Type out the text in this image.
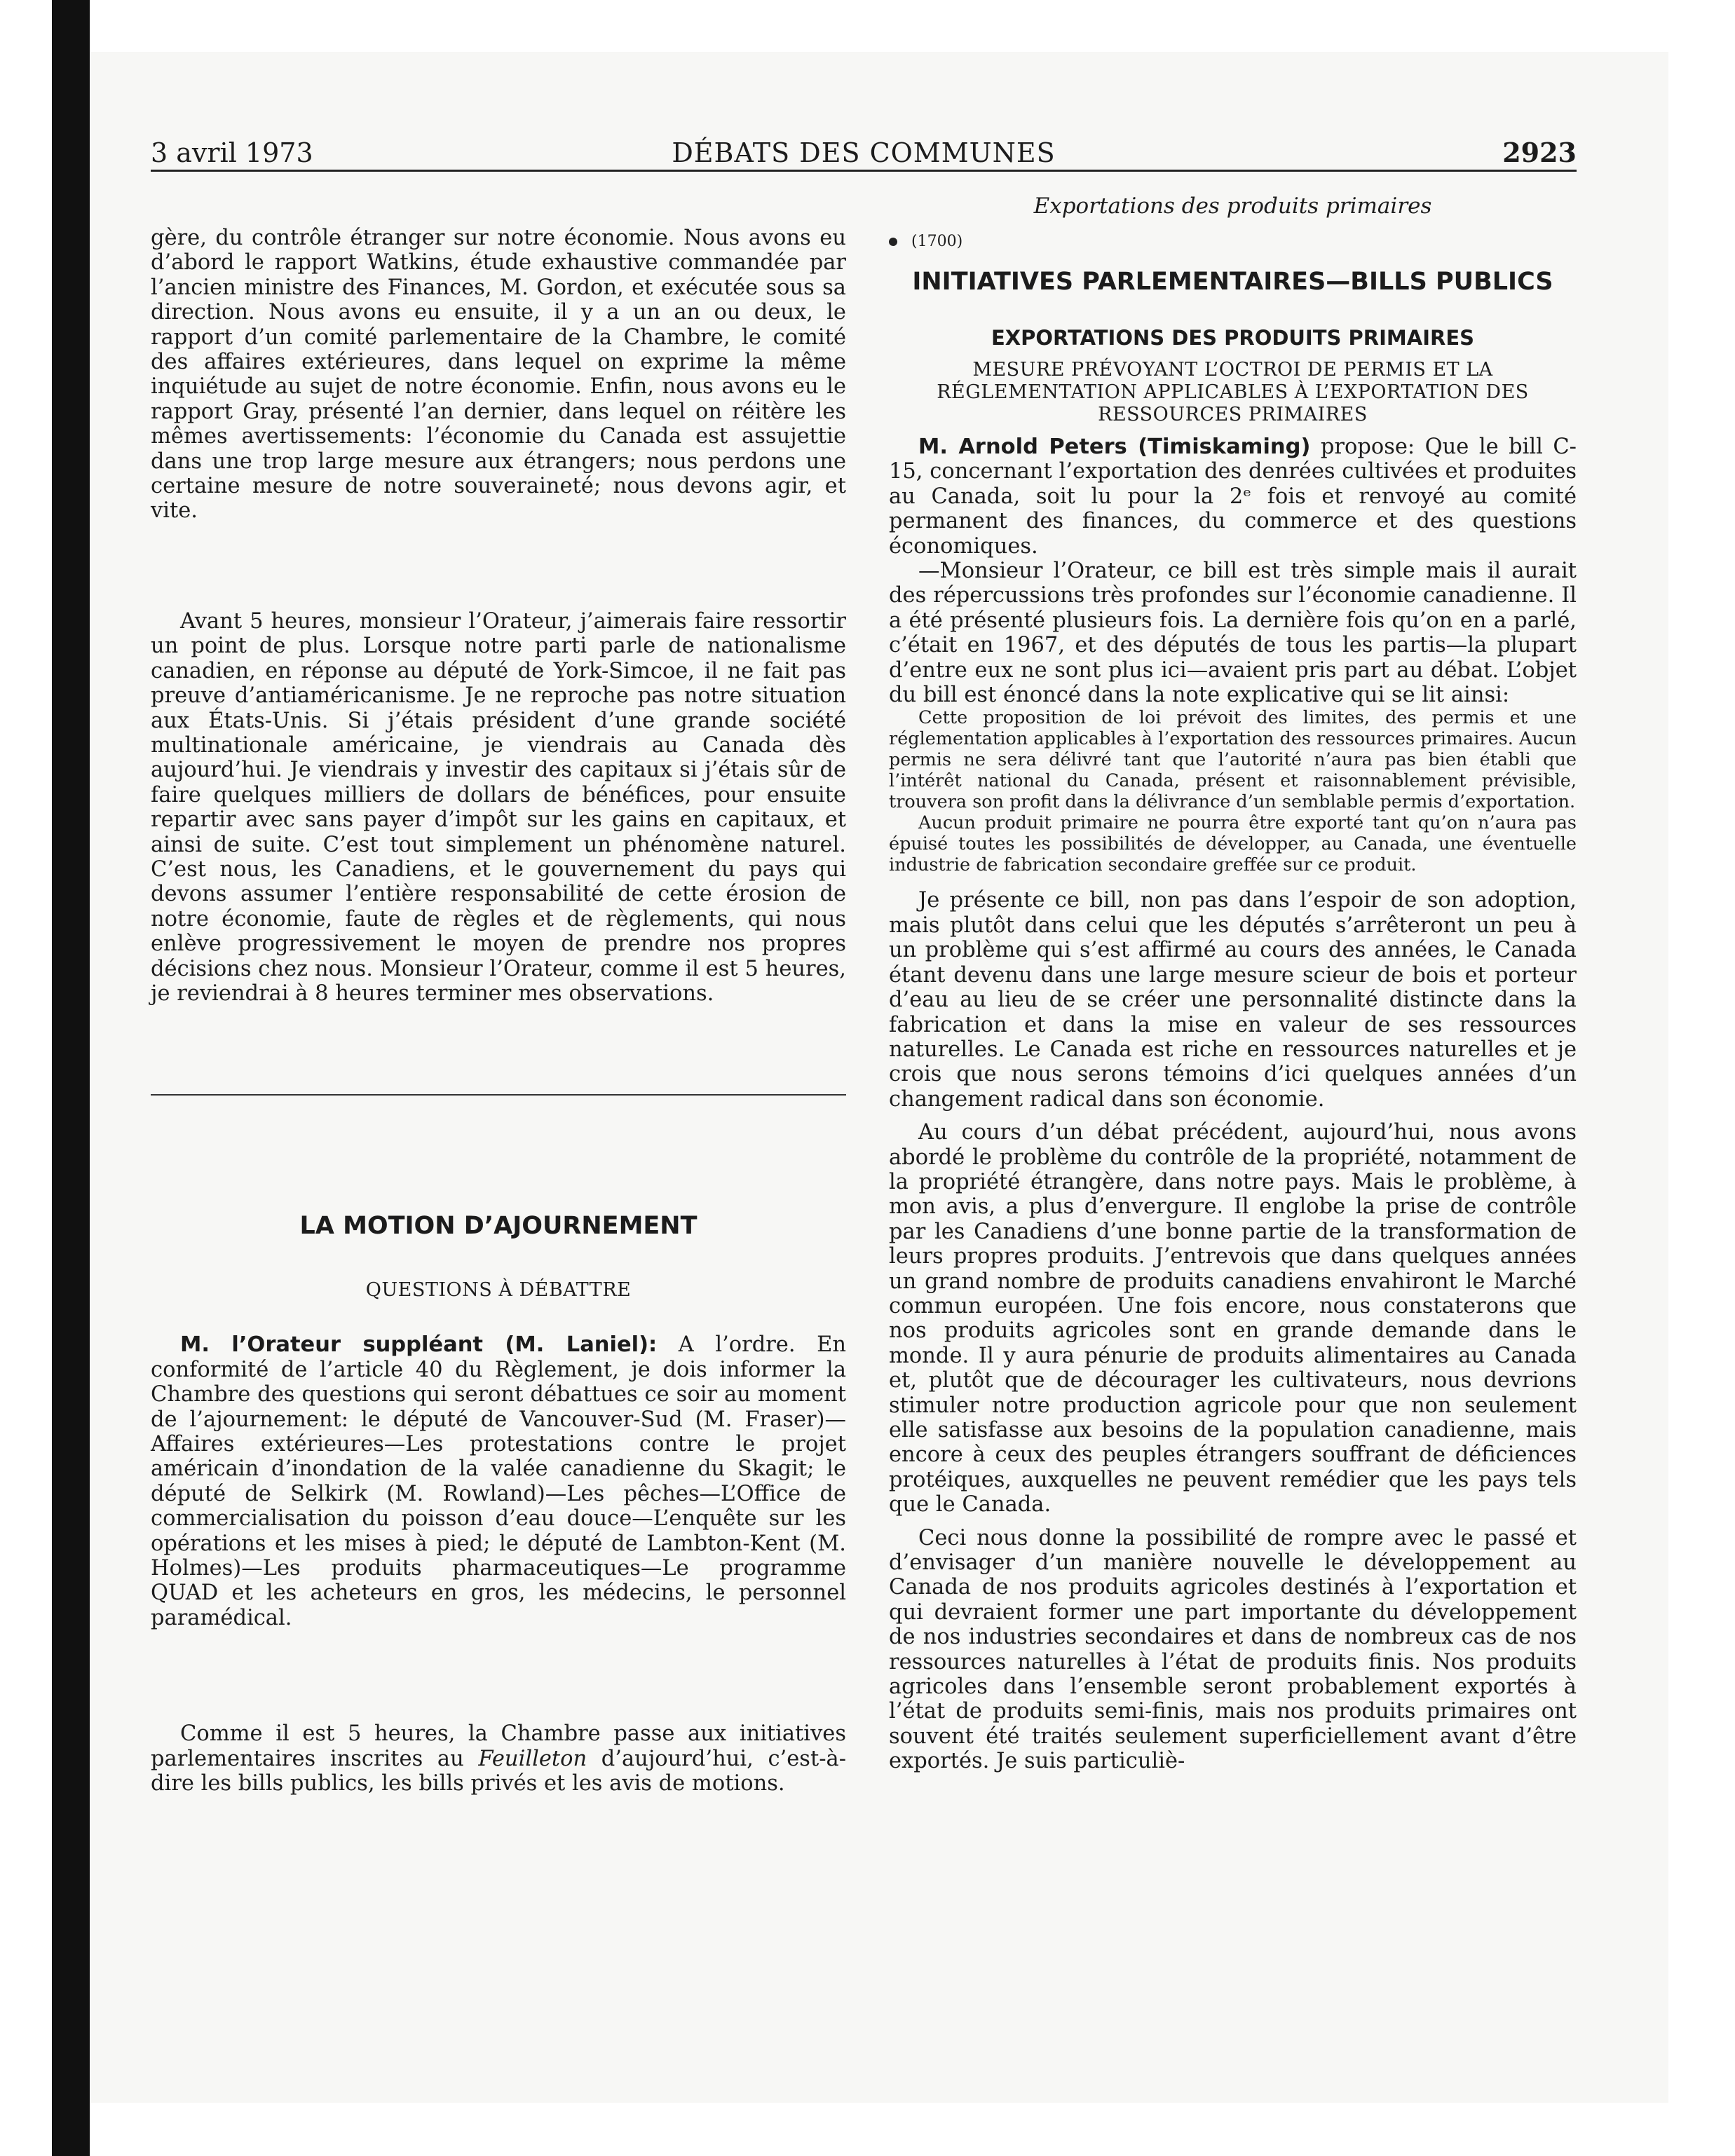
3 avril 1973	DÉBATS DES COMMUNES	2923

gère, du contrôle étranger sur notre économie. Nous avons eu d’abord le rapport Watkins, étude exhaustive commandée par l’ancien ministre des Finances, M. Gordon, et exécutée sous sa direction. Nous avons eu ensuite, il y a un an ou deux, le rapport d’un comité parlementaire de la Chambre, le comité des affaires extérieures, dans lequel on exprime la même inquiétude au sujet de notre économie. Enfin, nous avons eu le rapport Gray, présenté l’an dernier, dans lequel on réitère les mêmes avertissements: l’économie du Canada est assujettie dans une trop large mesure aux étrangers; nous perdons une certaine mesure de notre souveraineté; nous devons agir, et vite.

Avant 5 heures, monsieur l’Orateur, j’aimerais faire ressortir un point de plus. Lorsque notre parti parle de nationalisme canadien, en réponse au député de York-Simcoe, il ne fait pas preuve d’antiaméricanisme. Je ne reproche pas notre situation aux États-Unis. Si j’étais président d’une grande société multinationale américaine, je viendrais au Canada dès aujourd’hui. Je viendrais y investir des capitaux si j’étais sûr de faire quelques milliers de dollars de bénéfices, pour ensuite repartir avec sans payer d’impôt sur les gains en capitaux, et ainsi de suite. C’est tout simplement un phénomène naturel. C’est nous, les Canadiens, et le gouvernement du pays qui devons assumer l’entière responsabilité de cette érosion de notre économie, faute de règles et de règlements, qui nous enlève progressivement le moyen de prendre nos propres décisions chez nous. Monsieur l’Orateur, comme il est 5 heures, je reviendrai à 8 heures terminer mes observations.

LA MOTION D’AJOURNEMENT
QUESTIONS À DÉBATTRE

M. l’Orateur suppléant (M. Laniel): A l’ordre. En conformité de l’article 40 du Règlement, je dois informer la Chambre des questions qui seront débattues ce soir au moment de l’ajournement: le député de Vancouver-Sud (M. Fraser)—Affaires extérieures—Les protestations contre le projet américain d’inondation de la valée canadienne du Skagit; le député de Selkirk (M. Rowland)—Les pêches—L’Office de commercialisation du poisson d’eau douce—L’enquête sur les opérations et les mises à pied; le député de Lambton-Kent (M. Holmes)—Les produits pharmaceutiques—Le programme QUAD et les acheteurs en gros, les médecins, le personnel paramédical.

Comme il est 5 heures, la Chambre passe aux initiatives parlementaires inscrites au Feuilleton d’aujourd’hui, c’est-à-dire les bills publics, les bills privés et les avis de motions.

Exportations des produits primaires
(1700)
INITIATIVES PARLEMENTAIRES—BILLS PUBLICS
EXPORTATIONS DES PRODUITS PRIMAIRES
MESURE PRÉVOYANT L’OCTROI DE PERMIS ET LA RÉGLEMENTATION APPLICABLES À L’EXPORTATION DES RESSOURCES PRIMAIRES

M. Arnold Peters (Timiskaming) propose: Que le bill C-15, concernant l’exportation des denrées cultivées et produites au Canada, soit lu pour la 2ᵉ fois et renvoyé au comité permanent des finances, du commerce et des questions économiques.

—Monsieur l’Orateur, ce bill est très simple mais il aurait des répercussions très profondes sur l’économie canadienne. Il a été présenté plusieurs fois. La dernière fois qu’on en a parlé, c’était en 1967, et des députés de tous les partis—la plupart d’entre eux ne sont plus ici—avaient pris part au débat. L’objet du bill est énoncé dans la note explicative qui se lit ainsi:

Cette proposition de loi prévoit des limites, des permis et une réglementation applicables à l’exportation des ressources primaires. Aucun permis ne sera délivré tant que l’autorité n’aura pas bien établi que l’intérêt national du Canada, présent et raisonnablement prévisible, trouvera son profit dans la délivrance d’un semblable permis d’exportation.

Aucun produit primaire ne pourra être exporté tant qu’on n’aura pas épuisé toutes les possibilités de développer, au Canada, une éventuelle industrie de fabrication secondaire greffée sur ce produit.

Je présente ce bill, non pas dans l’espoir de son adoption, mais plutôt dans celui que les députés s’arrêteront un peu à un problème qui s’est affirmé au cours des années, le Canada étant devenu dans une large mesure scieur de bois et porteur d’eau au lieu de se créer une personnalité distincte dans la fabrication et dans la mise en valeur de ses ressources naturelles. Le Canada est riche en ressources naturelles et je crois que nous serons témoins d’ici quelques années d’un changement radical dans son économie.

Au cours d’un débat précédent, aujourd’hui, nous avons abordé le problème du contrôle de la propriété, notamment de la propriété étrangère, dans notre pays. Mais le problème, à mon avis, a plus d’envergure. Il englobe la prise de contrôle par les Canadiens d’une bonne partie de la transformation de leurs propres produits. J’entrevois que dans quelques années un grand nombre de produits canadiens envahiront le Marché commun européen. Une fois encore, nous constaterons que nos produits agricoles sont en grande demande dans le monde. Il y aura pénurie de produits alimentaires au Canada et, plutôt que de décourager les cultivateurs, nous devrions stimuler notre production agricole pour que non seulement elle satisfasse aux besoins de la population canadienne, mais encore à ceux des peuples étrangers souffrant de déficiences protéiques, auxquelles ne peuvent remédier que les pays tels que le Canada.

Ceci nous donne la possibilité de rompre avec le passé et d’envisager d’un manière nouvelle le développement au Canada de nos produits agricoles destinés à l’exportation et qui devraient former une part importante du développement de nos industries secondaires et dans de nombreux cas de nos ressources naturelles à l’état de produits finis. Nos produits agricoles dans l’ensemble seront probablement exportés à l’état de produits semi-finis, mais nos produits primaires ont souvent été traités seulement superficiellement avant d’être exportés. Je suis particuliè-
